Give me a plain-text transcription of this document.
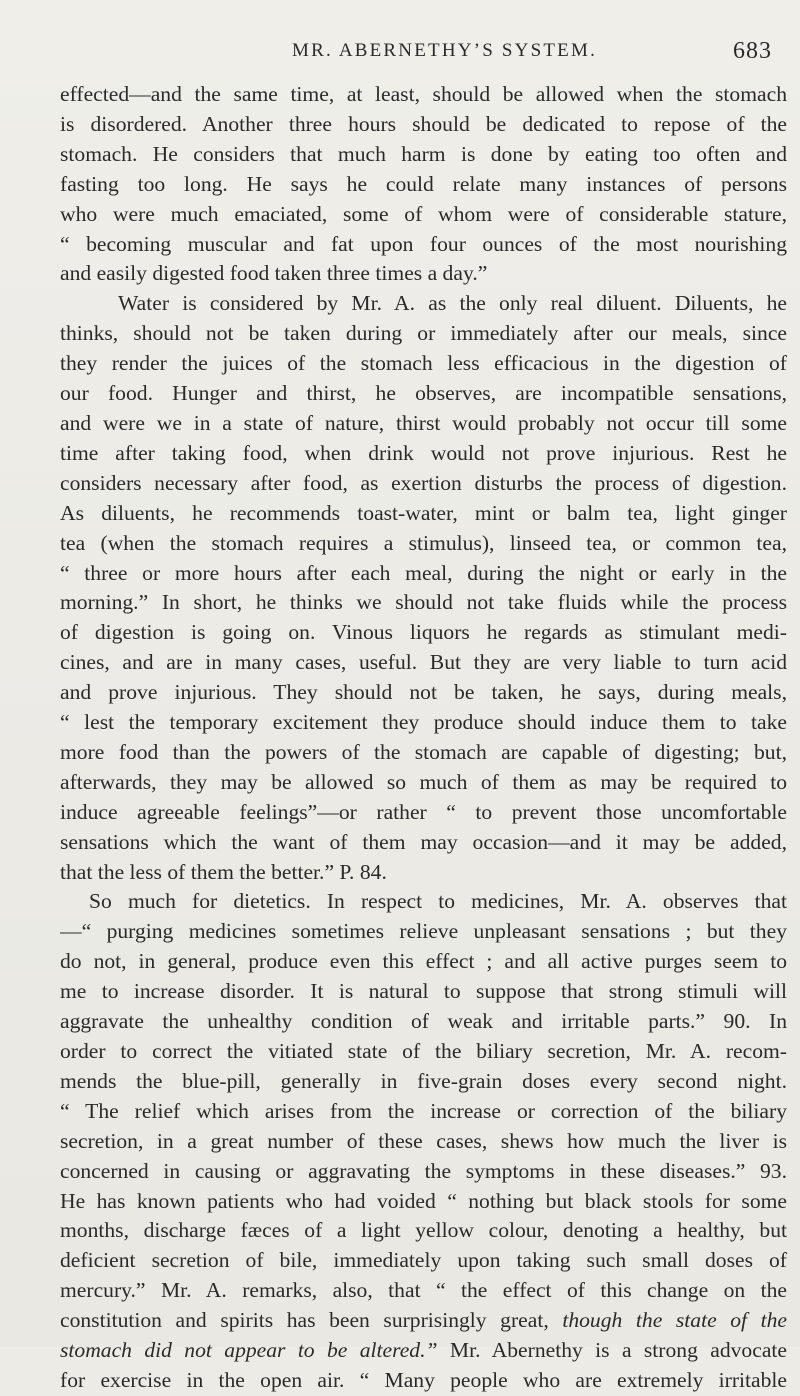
MR. ABERNETHY’S SYSTEM.	683
effected—and the same time, at least, should be allowed when the stomach
is disordered. Another three hours should be dedicated to repose of the
stomach. He considers that much harm is done by eating too often and
fasting too long. He says he could relate many instances of persons
who were much emaciated, some of whom were of considerable stature,
“ becoming muscular and fat upon four ounces of the most nourishing
and easily digested food taken three times a day.”
Water is considered by Mr. A. as the only real diluent. Diluents, he
thinks, should not be taken during or immediately after our meals, since
they render the juices of the stomach less efficacious in the digestion of
our food. Hunger and thirst, he observes, are incompatible sensations,
and were we in a state of nature, thirst would probably not occur till some
time after taking food, when drink would not prove injurious. Rest he
considers necessary after food, as exertion disturbs the process of digestion.
As diluents, he recommends toast-water, mint or balm tea, light ginger
tea (when the stomach requires a stimulus), linseed tea, or common tea,
“ three or more hours after each meal, during the night or early in the
morning.” In short, he thinks we should not take fluids while the process
of digestion is going on. Vinous liquors he regards as stimulant medi-
cines, and are in many cases, useful. But they are very liable to turn acid
and prove injurious. They should not be taken, he says, during meals,
“ lest the temporary excitement they produce should induce them to take
more food than the powers of the stomach are capable of digesting; but,
afterwards, they may be allowed so much of them as may be required to
induce agreeable feelings”—or rather “ to prevent those uncomfortable
sensations which the want of them may occasion—and it may be added,
that the less of them the better.” P. 84.
So much for dietetics. In respect to medicines, Mr. A. observes that
—“ purging medicines sometimes relieve unpleasant sensations ; but they
do not, in general, produce even this effect ; and all active purges seem to
me to increase disorder. It is natural to suppose that strong stimuli will
aggravate the unhealthy condition of weak and irritable parts.” 90. In
order to correct the vitiated state of the biliary secretion, Mr. A. recom-
mends the blue-pill, generally in five-grain doses every second night.
“ The relief which arises from the increase or correction of the biliary
secretion, in a great number of these cases, shews how much the liver is
concerned in causing or aggravating the symptoms in these diseases.” 93.
He has known patients who had voided “ nothing but black stools for some
months, discharge fæces of a light yellow colour, denoting a healthy, but
deficient secretion of bile, immediately upon taking such small doses of
mercury.” Mr. A. remarks, also, that “ the effect of this change on the
constitution and spirits has been surprisingly great, though the state of the
stomach did not appear to be altered.” Mr. Abernethy is a strong advocate
for exercise in the open air. “ Many people who are extremely irritable
